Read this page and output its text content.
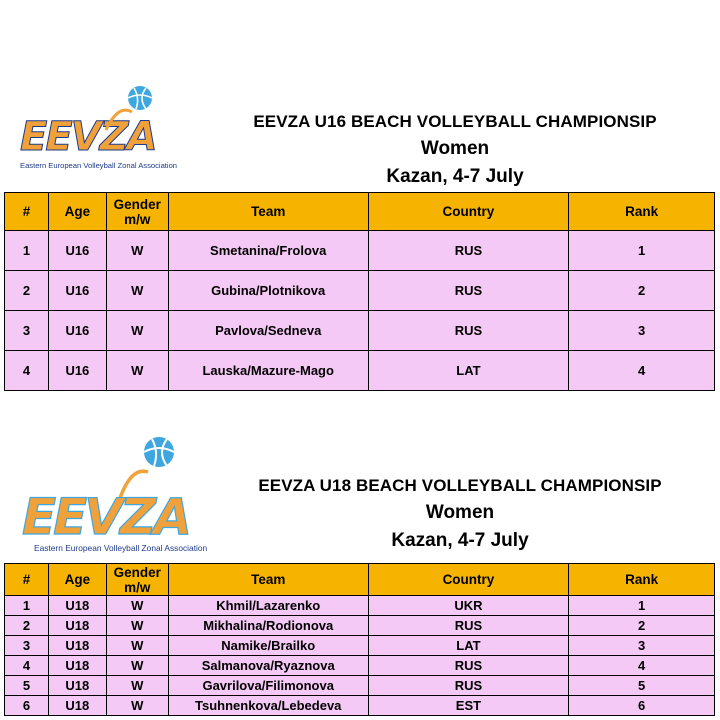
EEVZA
Eastern European Volleyball Zonal Association
EEVZA U16 BEACH VOLLEYBALL CHAMPIONSIP
Women
Kazan, 4-7 July
#	Age	Gender m/w	Team	Country	Rank
1	U16	W	Smetanina/Frolova	RUS	1
2	U16	W	Gubina/Plotnikova	RUS	2
3	U16	W	Pavlova/Sedneva	RUS	3
4	U16	W	Lauska/Mazure-Mago	LAT	4
EEVZA
Eastern European Volleyball Zonal Association
EEVZA U18 BEACH VOLLEYBALL CHAMPIONSIP
Women
Kazan, 4-7 July
#	Age	Gender m/w	Team	Country	Rank
1	U18	W	Khmil/Lazarenko	UKR	1
2	U18	W	Mikhalina/Rodionova	RUS	2
3	U18	W	Namike/Brailko	LAT	3
4	U18	W	Salmanova/Ryaznova	RUS	4
5	U18	W	Gavrilova/Filimonova	RUS	5
6	U18	W	Tsuhnenkova/Lebedeva	EST	6
